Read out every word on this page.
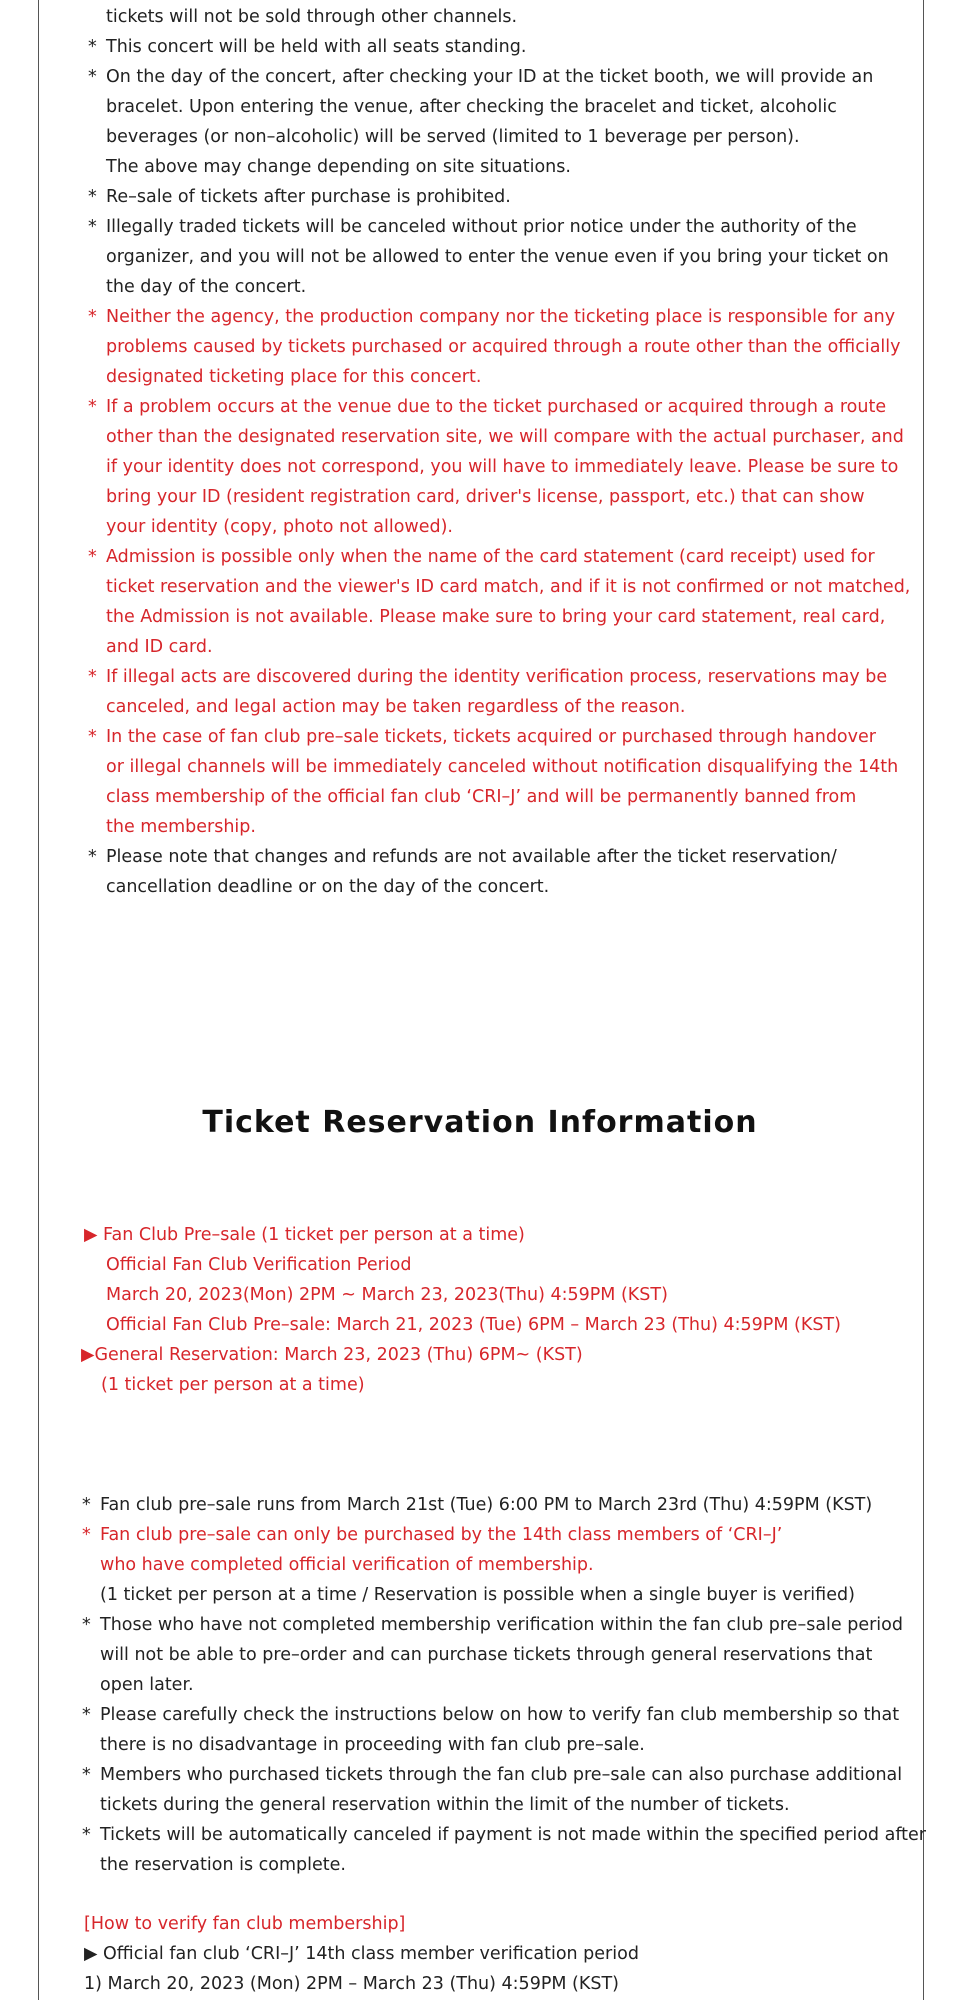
tickets will not be sold through other channels.
* This concert will be held with all seats standing.
* On the day of the concert, after checking your ID at the ticket booth, we will provide an
bracelet. Upon entering the venue, after checking the bracelet and ticket, alcoholic
beverages (or non–alcoholic) will be served (limited to 1 beverage per person).
The above may change depending on site situations.
* Re–sale of tickets after purchase is prohibited.
* Illegally traded tickets will be canceled without prior notice under the authority of the
organizer, and you will not be allowed to enter the venue even if you bring your ticket on
the day of the concert.
* Neither the agency, the production company nor the ticketing place is responsible for any
problems caused by tickets purchased or acquired through a route other than the officially
designated ticketing place for this concert.
* If a problem occurs at the venue due to the ticket purchased or acquired through a route
other than the designated reservation site, we will compare with the actual purchaser, and
if your identity does not correspond, you will have to immediately leave. Please be sure to
bring your ID (resident registration card, driver's license, passport, etc.) that can show
your identity (copy, photo not allowed).
* Admission is possible only when the name of the card statement (card receipt) used for
ticket reservation and the viewer's ID card match, and if it is not confirmed or not matched,
the Admission is not available. Please make sure to bring your card statement, real card,
and ID card.
* If illegal acts are discovered during the identity verification process, reservations may be
canceled, and legal action may be taken regardless of the reason.
* In the case of fan club pre–sale tickets, tickets acquired or purchased through handover
or illegal channels will be immediately canceled without notification disqualifying the 14th
class membership of the official fan club ‘CRI–J’ and will be permanently banned from
the membership.
* Please note that changes and refunds are not available after the ticket reservation/
cancellation deadline or on the day of the concert.
Ticket Reservation Information
▶ Fan Club Pre–sale (1 ticket per person at a time)
Official Fan Club Verification Period
March 20, 2023(Mon) 2PM ~ March 23, 2023(Thu) 4:59PM (KST)
Official Fan Club Pre–sale: March 21, 2023 (Tue) 6PM – March 23 (Thu) 4:59PM (KST)
▶General Reservation: March 23, 2023 (Thu) 6PM~ (KST)
(1 ticket per person at a time)
* Fan club pre–sale runs from March 21st (Tue) 6:00 PM to March 23rd (Thu) 4:59PM (KST)
* Fan club pre–sale can only be purchased by the 14th class members of ‘CRI–J’
who have completed official verification of membership.
(1 ticket per person at a time / Reservation is possible when a single buyer is verified)
* Those who have not completed membership verification within the fan club pre–sale period
will not be able to pre–order and can purchase tickets through general reservations that
open later.
* Please carefully check the instructions below on how to verify fan club membership so that
there is no disadvantage in proceeding with fan club pre–sale.
* Members who purchased tickets through the fan club pre–sale can also purchase additional
tickets during the general reservation within the limit of the number of tickets.
* Tickets will be automatically canceled if payment is not made within the specified period after
the reservation is complete.
[How to verify fan club membership]
▶ Official fan club ‘CRI–J’ 14th class member verification period
1) March 20, 2023 (Mon) 2PM – March 23 (Thu) 4:59PM (KST)
